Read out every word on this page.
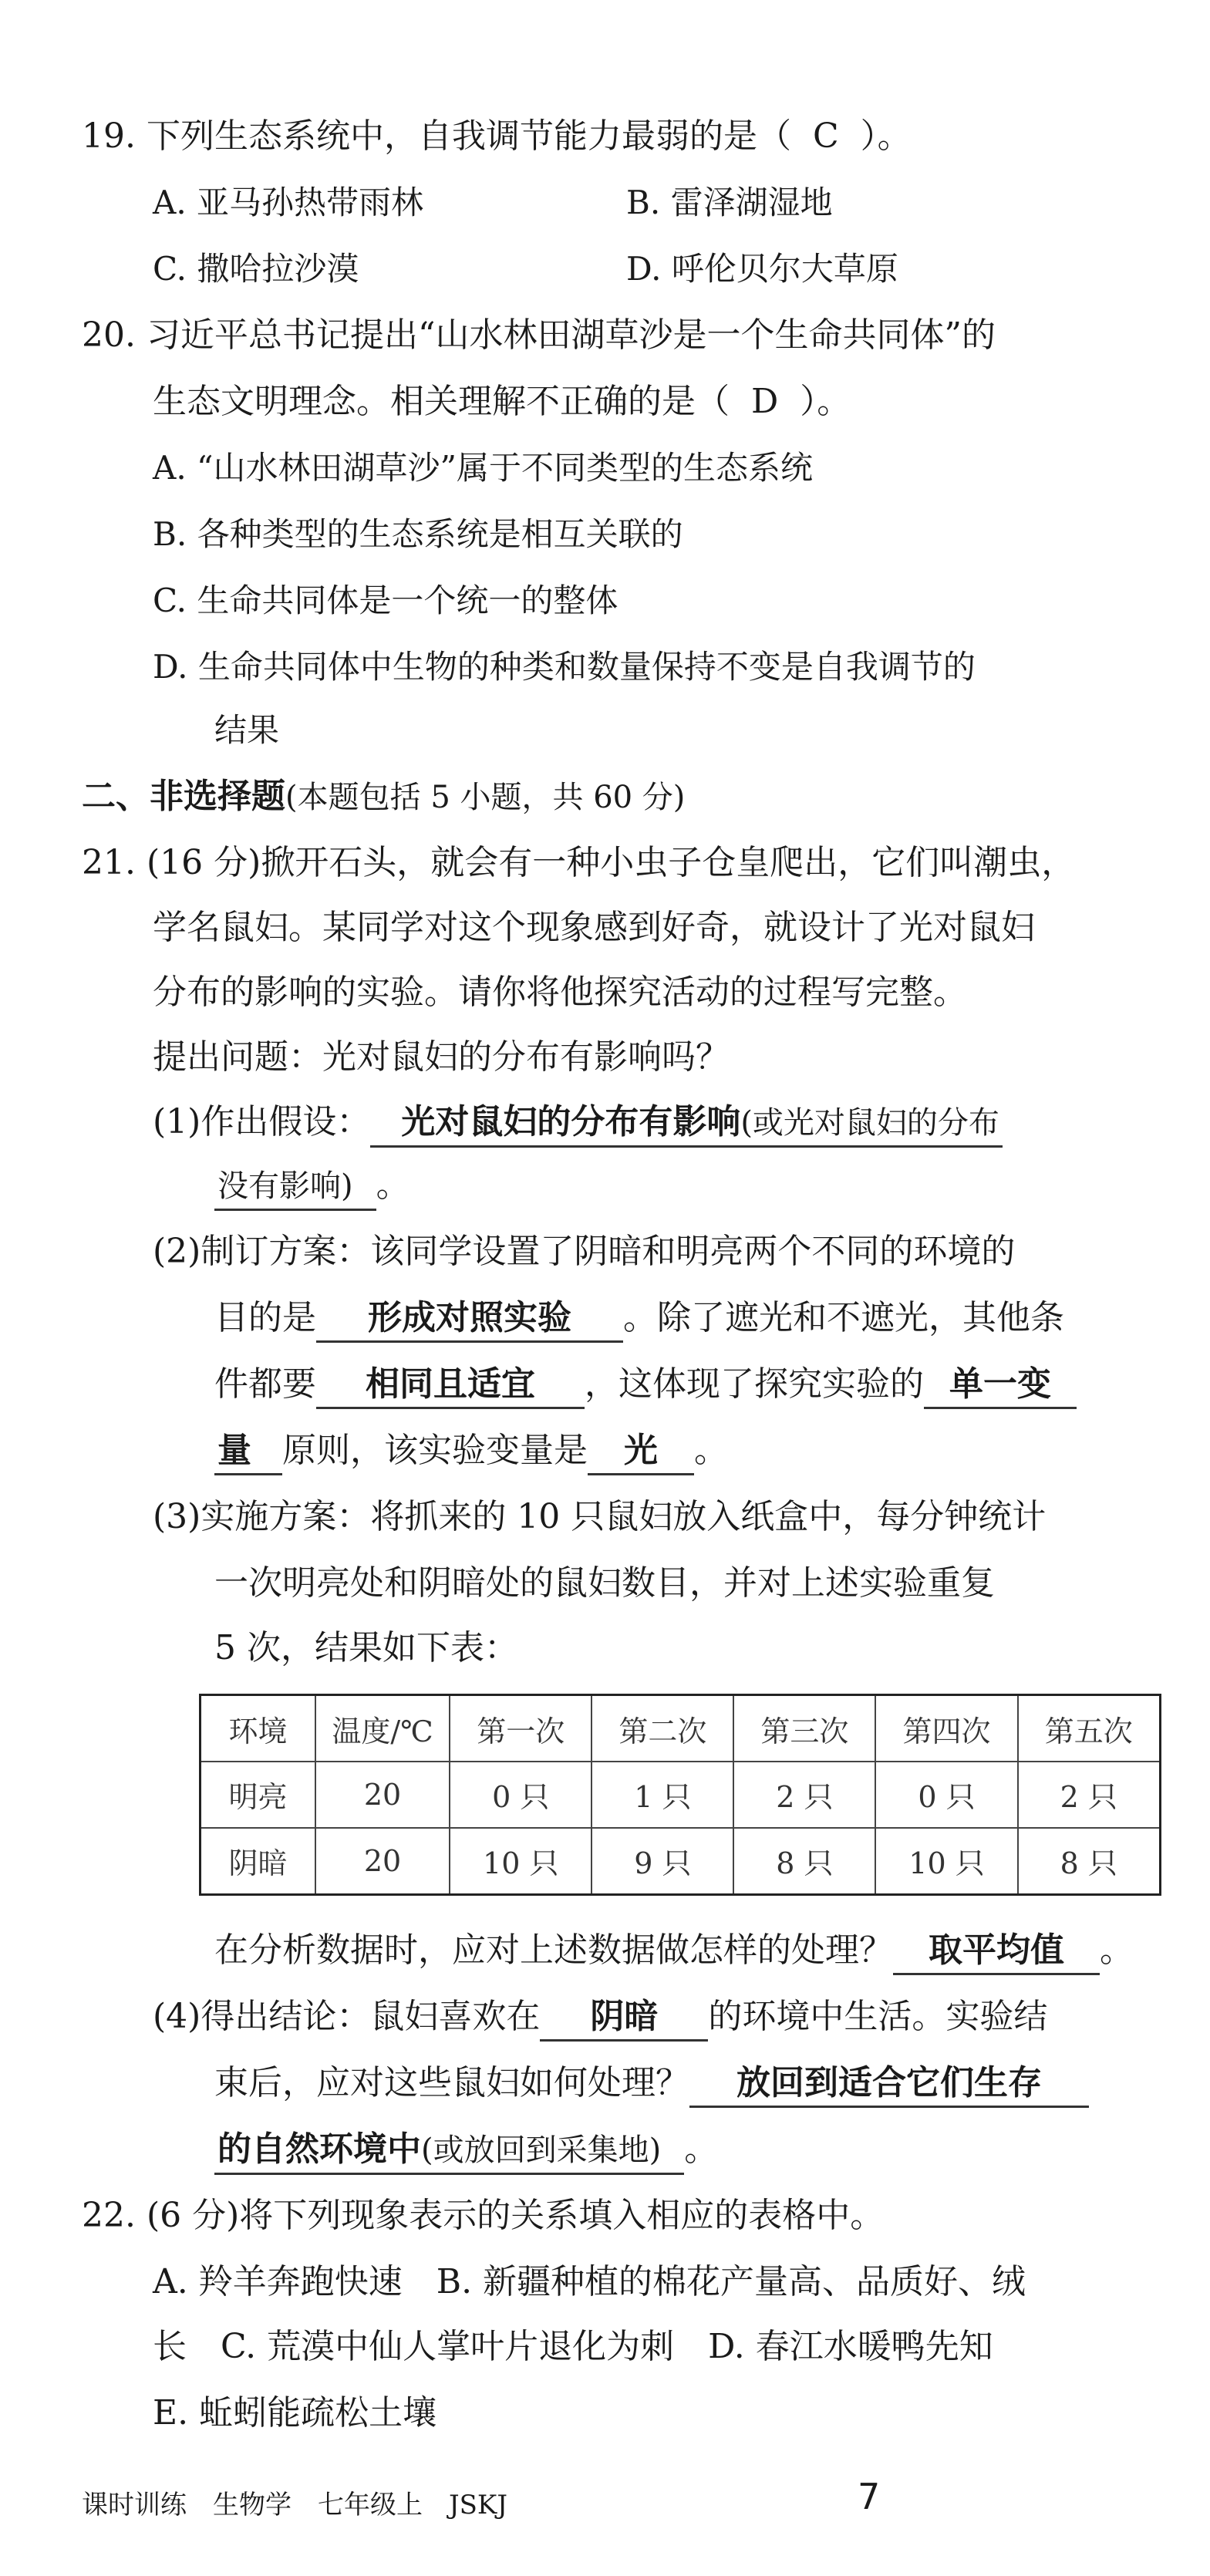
19. 下列生态系统中，自我调节能力最弱的是（ C ）。
A. 亚马孙热带雨林	B. 雷泽湖湿地
C. 撒哈拉沙漠	D. 呼伦贝尔大草原
20. 习近平总书记提出“山水林田湖草沙是一个生命共同体”的
生态文明理念。相关理解不正确的是（ D ）。
A. “山水林田湖草沙”属于不同类型的生态系统
B. 各种类型的生态系统是相互关联的
C. 生命共同体是一个统一的整体
D. 生命共同体中生物的种类和数量保持不变是自我调节的
结果
二、非选择题(本题包括 5 小题，共 60 分)
21. (16 分)掀开石头，就会有一种小虫子仓皇爬出，它们叫潮虫，
学名鼠妇。某同学对这个现象感到好奇，就设计了光对鼠妇
分布的影响的实验。请你将他探究活动的过程写完整。
提出问题：光对鼠妇的分布有影响吗？
(1)作出假设： 光对鼠妇的分布有影响(或光对鼠妇的分布
没有影响) 。
(2)制订方案：该同学设置了阴暗和明亮两个不同的环境的
目的是 形成对照实验 。除了遮光和不遮光，其他条
件都要 相同且适宜 ，这体现了探究实验的 单一变
量 原则，该实验变量是 光 。
(3)实施方案：将抓来的 10 只鼠妇放入纸盒中，每分钟统计
一次明亮处和阴暗处的鼠妇数目，并对上述实验重复
5 次，结果如下表：
环境	温度/℃	第一次	第二次	第三次	第四次	第五次
明亮	20	0 只	1 只	2 只	0 只	2 只
阴暗	20	10 只	9 只	8 只	10 只	8 只
在分析数据时，应对上述数据做怎样的处理？ 取平均值 。
(4)得出结论：鼠妇喜欢在 阴暗 的环境中生活。实验结
束后，应对这些鼠妇如何处理？ 放回到适合它们生存
的自然环境中(或放回到采集地) 。
22. (6 分)将下列现象表示的关系填入相应的表格中。
A. 羚羊奔跑快速　B. 新疆种植的棉花产量高、品质好、绒
长　C. 荒漠中仙人掌叶片退化为刺　D. 春江水暖鸭先知
E. 蚯蚓能疏松土壤
课时训练　生物学　七年级上　JSKJ	7
